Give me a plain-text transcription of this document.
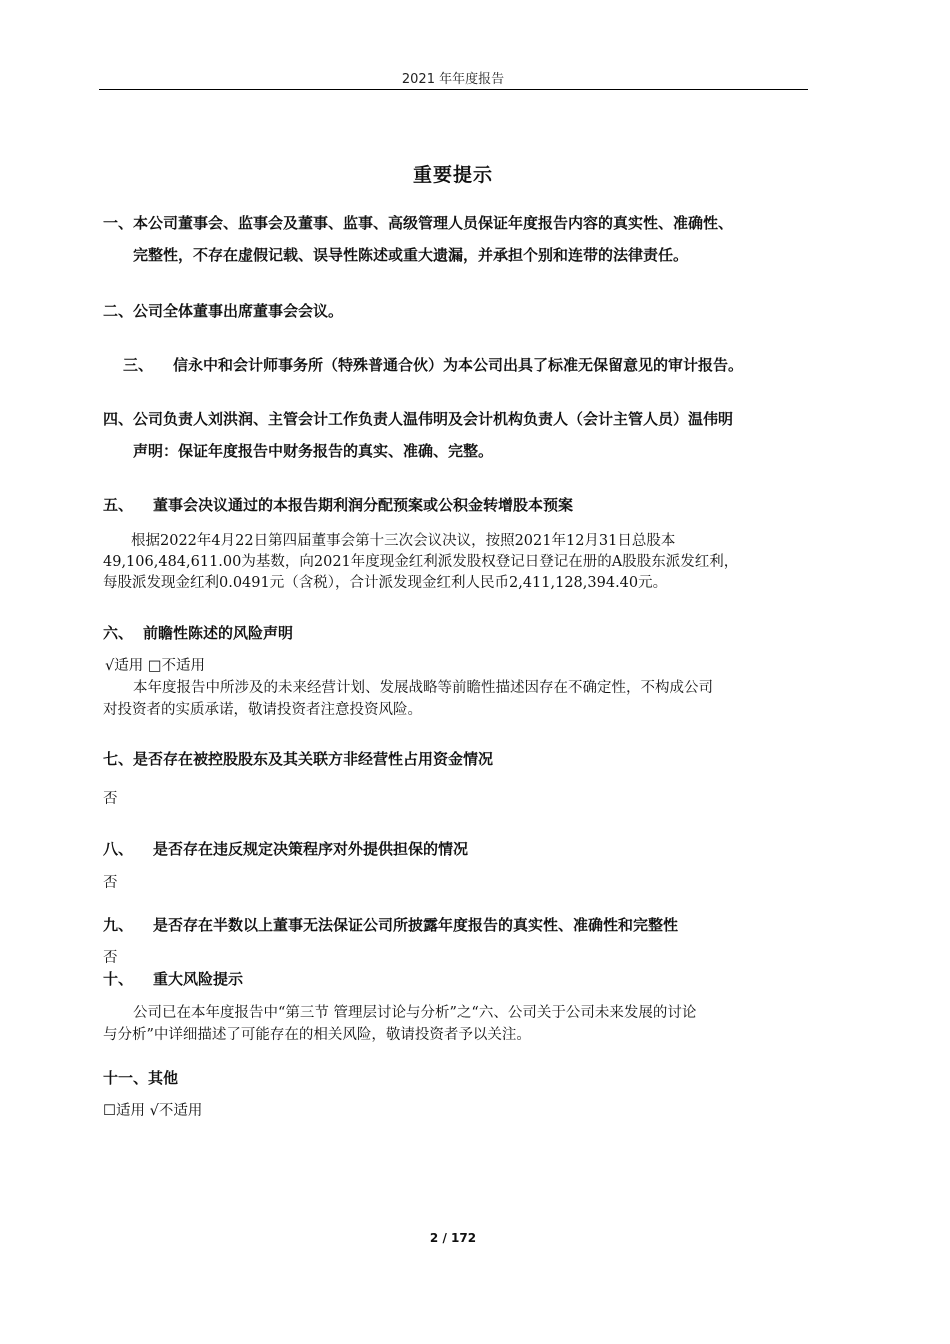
2021 年年度报告
重要提示
一、本公司董事会、监事会及董事、监事、高级管理人员保证年度报告内容的真实性、准确性、
完整性，不存在虚假记载、误导性陈述或重大遗漏，并承担个别和连带的法律责任。
二、公司全体董事出席董事会会议。
三、 信永中和会计师事务所（特殊普通合伙）为本公司出具了标准无保留意见的审计报告。
四、公司负责人刘洪润、主管会计工作负责人温伟明及会计机构负责人（会计主管人员）温伟明
声明：保证年度报告中财务报告的真实、准确、完整。
五、 董事会决议通过的本报告期利润分配预案或公积金转增股本预案
根据2022年4月22日第四届董事会第十三次会议决议，按照2021年12月31日总股本
49,106,484,611.00为基数，向2021年度现金红利派发股权登记日登记在册的A股股东派发红利，
每股派发现金红利0.0491元（含税），合计派发现金红利人民币2,411,128,394.40元。
六、 前瞻性陈述的风险声明
√适用 □不适用
本年度报告中所涉及的未来经营计划、发展战略等前瞻性描述因存在不确定性，不构成公司
对投资者的实质承诺，敬请投资者注意投资风险。
七、是否存在被控股股东及其关联方非经营性占用资金情况
否
八、 是否存在违反规定决策程序对外提供担保的情况
否
九、 是否存在半数以上董事无法保证公司所披露年度报告的真实性、准确性和完整性
否
十、 重大风险提示
公司已在本年度报告中“第三节 管理层讨论与分析”之“六、公司关于公司未来发展的讨论
与分析”中详细描述了可能存在的相关风险，敬请投资者予以关注。
十一、其他
☐适用 √不适用
2 / 172
